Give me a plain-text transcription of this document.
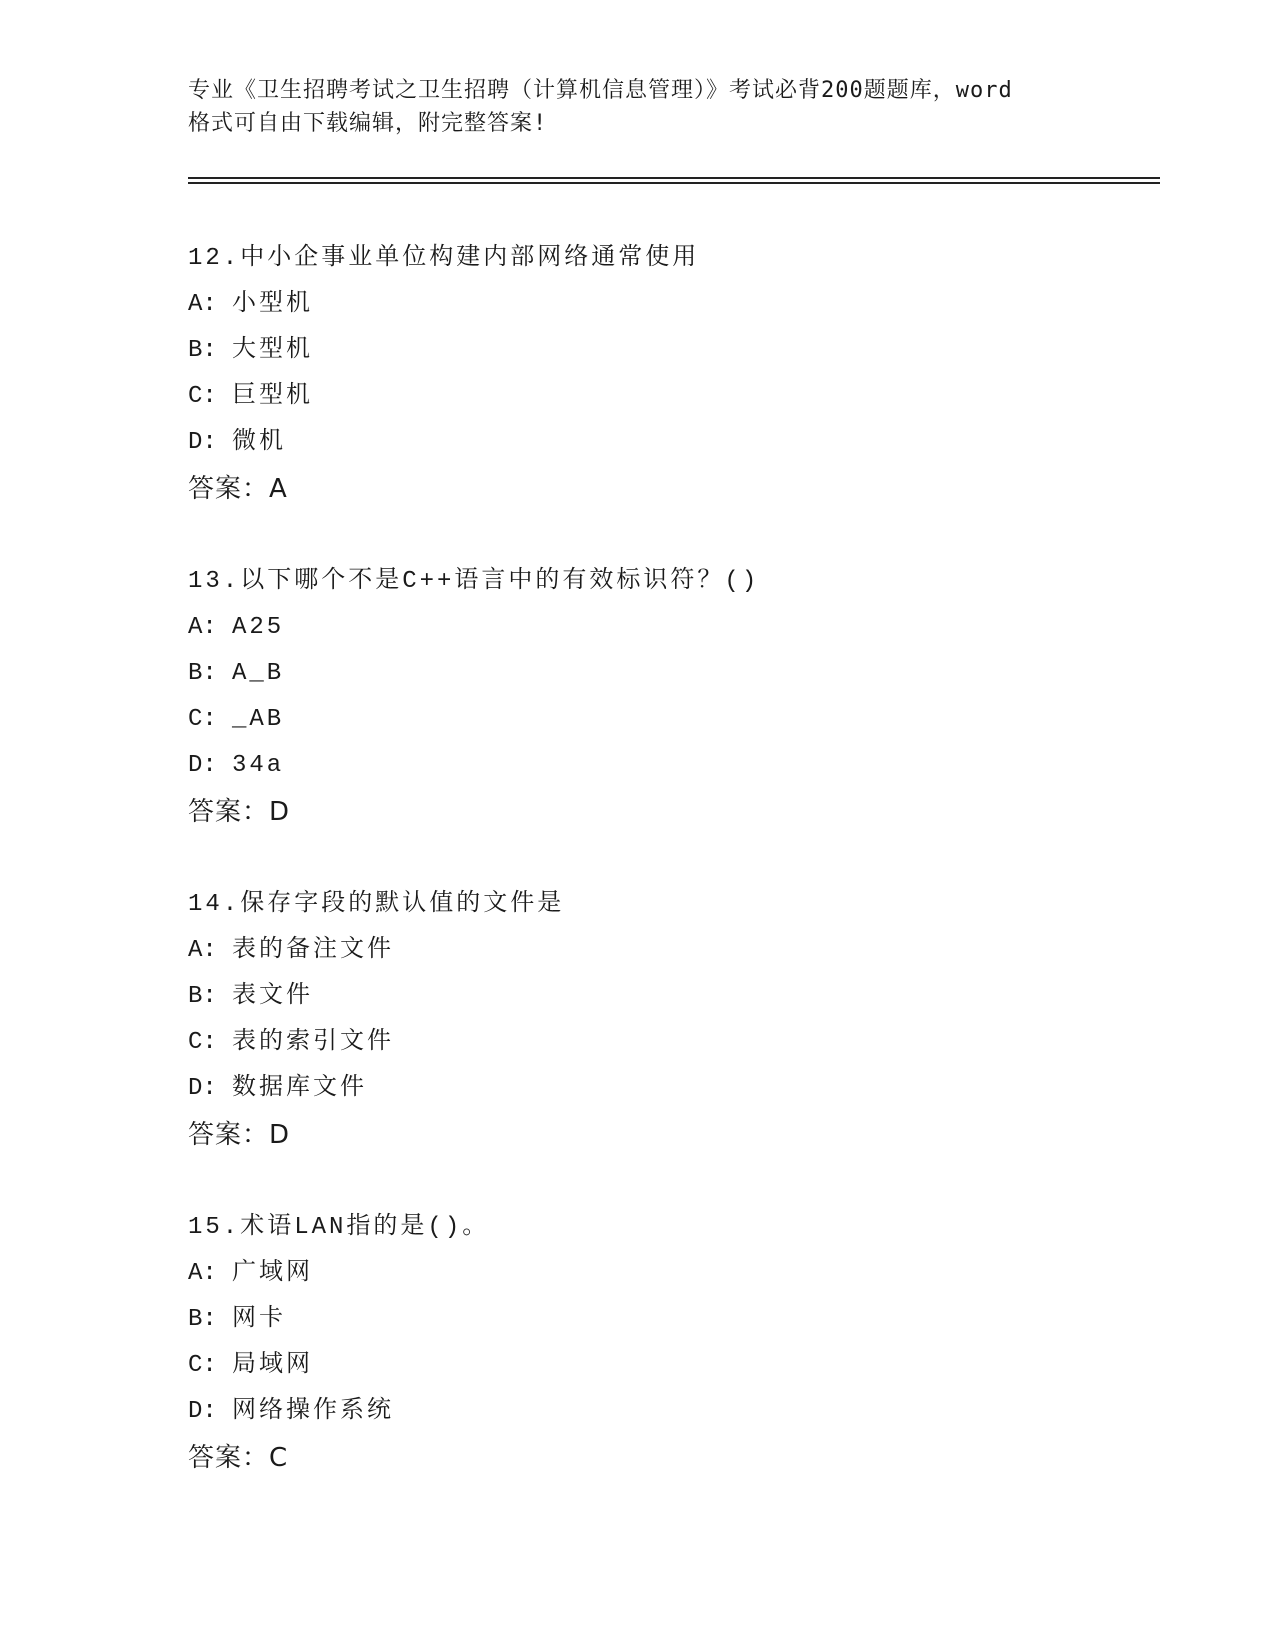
专业《卫生招聘考试之卫生招聘（计算机信息管理）》考试必背200题题库，word
格式可自由下载编辑，附完整答案!
12.中小企事业单位构建内部网络通常使用
A: 小型机
B: 大型机
C: 巨型机
D: 微机
答案：A
13.以下哪个不是C++语言中的有效标识符？()
A: A25
B: A_B
C: _AB
D: 34a
答案：D
14.保存字段的默认值的文件是
A: 表的备注文件
B: 表文件
C: 表的索引文件
D: 数据库文件
答案：D
15.术语LAN指的是()。
A: 广域网
B: 网卡
C: 局域网
D: 网络操作系统
答案：C
